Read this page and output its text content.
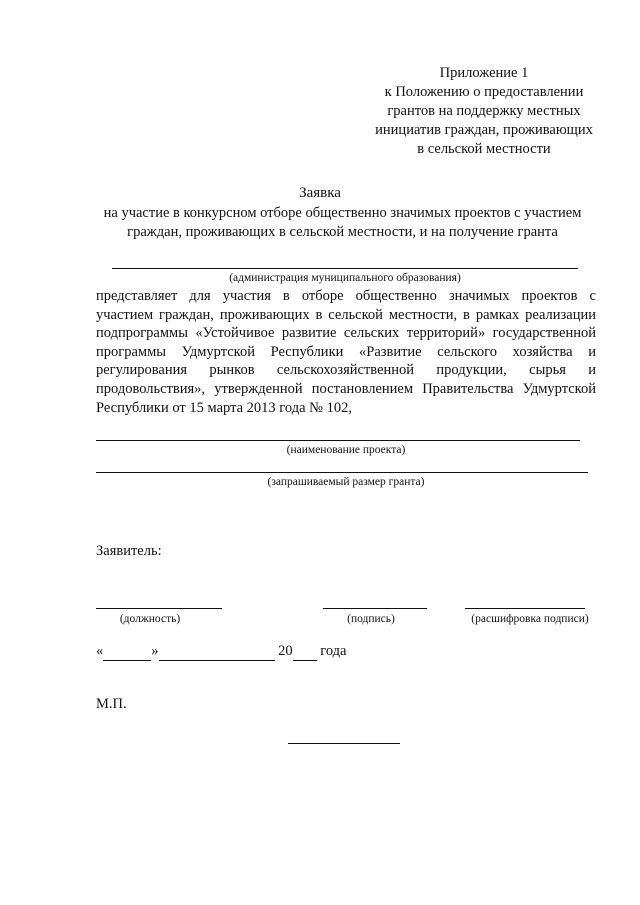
Приложение 1
к Положению о предоставлении
грантов на поддержку местных
инициатив граждан, проживающих
в сельской местности
Заявка
на участие в конкурсном отборе общественно значимых проектов с участием
граждан, проживающих в сельской местности, и на получение гранта
(администрация муниципального образования)
представляет для участия в отборе общественно значимых проектов с
участием граждан, проживающих в сельской местности, в рамках реализации
подпрограммы «Устойчивое развитие сельских территорий» государственной
программы Удмуртской Республики «Развитие сельского хозяйства и
регулирования рынков сельскохозяйственной продукции, сырья и
продовольствия», утвержденной постановлением Правительства Удмуртской
Республики от 15 марта 2013 года № 102,
(наименование проекта)
(запрашиваемый размер гранта)
Заявитель:
(должность)	(подпись)	(расшифровка подписи)
«	»	20 года
М.П.
